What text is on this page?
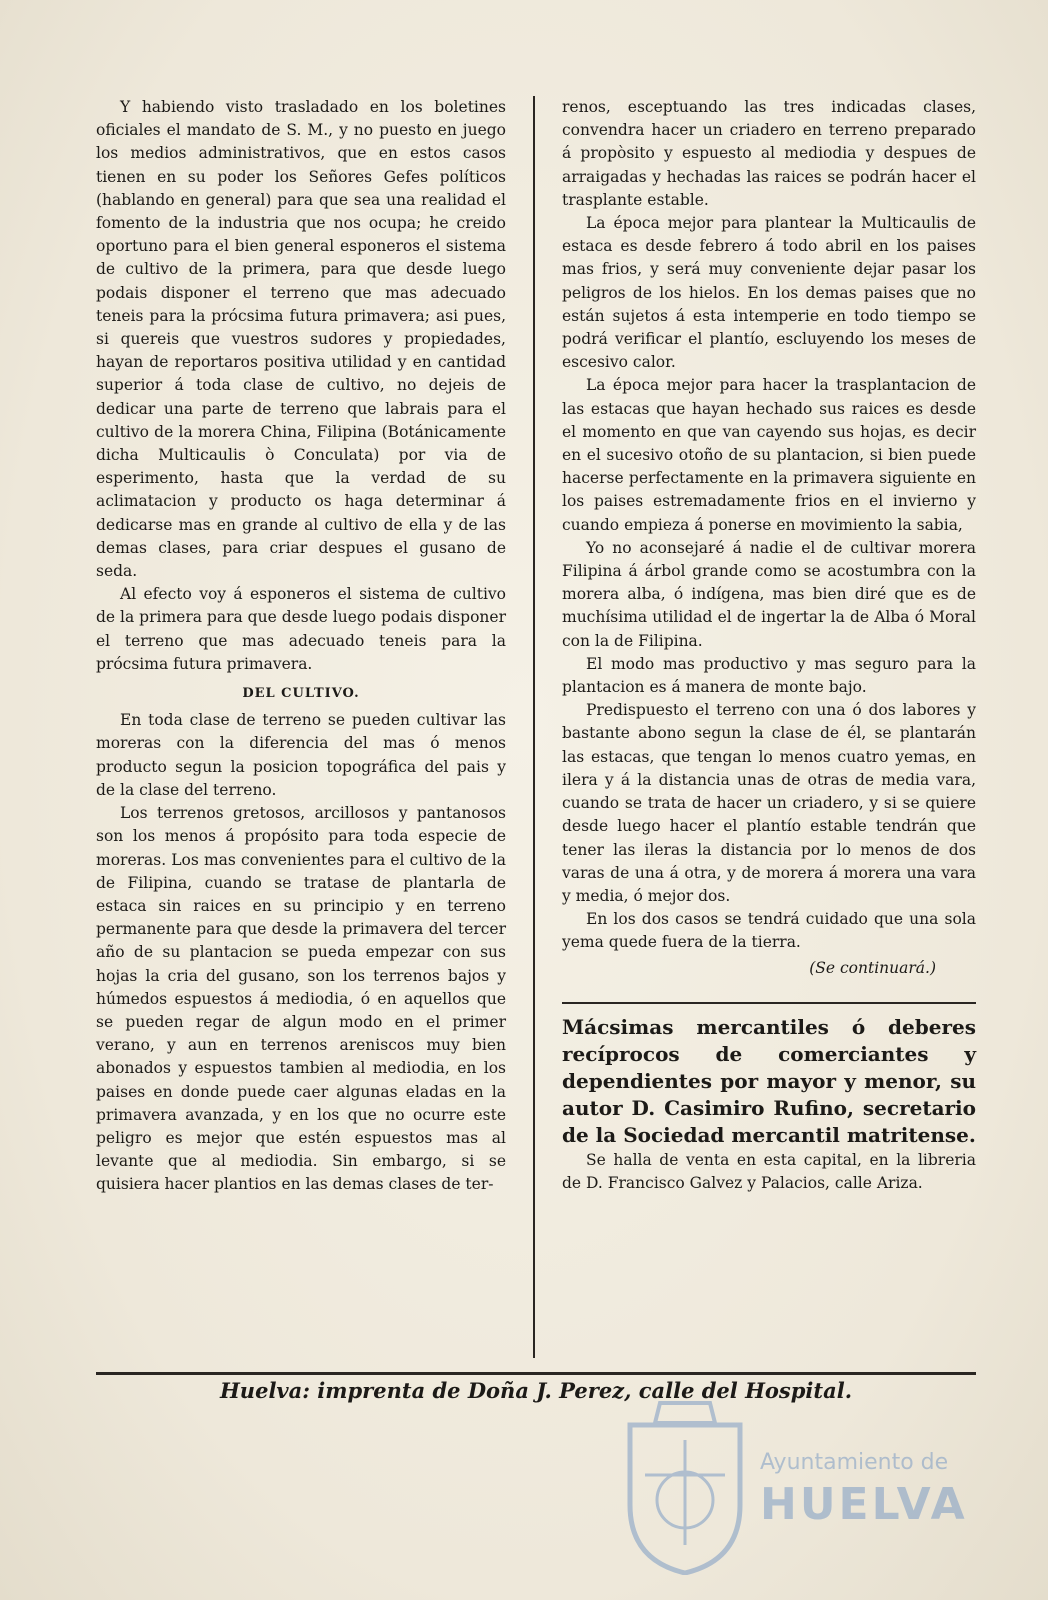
Y habiendo visto trasladado en los boletines oficiales el mandato de S. M., y no puesto en juego los medios administrativos, que en estos casos tienen en su poder los Señores Gefes políticos (hablando en general) para que sea una realidad el fomento de la industria que nos ocupa; he creido oportuno para el bien general esponeros el sistema de cultivo de la primera, para que desde luego podais disponer el terreno que mas adecuado teneis para la prócsima futura primavera; asi pues, si quereis que vuestros sudores y propiedades, hayan de reportaros positiva utilidad y en cantidad superior á toda clase de cultivo, no dejeis de dedicar una parte de terreno que labrais para el cultivo de la morera China, Filipina (Botánicamente dicha Multicaulis ò Conculata) por via de esperimento, hasta que la verdad de su aclimatacion y producto os haga determinar á dedicarse mas en grande al cultivo de ella y de las demas clases, para criar despues el gusano de seda.

Al efecto voy á esponeros el sistema de cultivo de la primera para que desde luego podais disponer el terreno que mas adecuado teneis para la prócsima futura primavera.

DEL CULTIVO.

En toda clase de terreno se pueden cultivar las moreras con la diferencia del mas ó menos producto segun la posicion topográfica del pais y de la clase del terreno.

Los terrenos gretosos, arcillosos y pantanosos son los menos á propósito para toda especie de moreras. Los mas convenientes para el cultivo de la de Filipina, cuando se tratase de plantarla de estaca sin raices en su principio y en terreno permanente para que desde la primavera del tercer año de su plantacion se pueda empezar con sus hojas la cria del gusano, son los terrenos bajos y húmedos espuestos á mediodia, ó en aquellos que se pueden regar de algun modo en el primer verano, y aun en terrenos areniscos muy bien abonados y espuestos tambien al mediodia, en los paises en donde puede caer algunas eladas en la primavera avanzada, y en los que no ocurre este peligro es mejor que estén espuestos mas al levante que al mediodia. Sin embargo, si se quisiera hacer plantios en las demas clases de ter-

renos, esceptuando las tres indicadas clases, convendra hacer un criadero en terreno preparado á propòsito y espuesto al mediodia y despues de arraigadas y hechadas las raices se podrán hacer el trasplante estable.

La época mejor para plantear la Multicaulis de estaca es desde febrero á todo abril en los paises mas frios, y será muy conveniente dejar pasar los peligros de los hielos. En los demas paises que no están sujetos á esta intemperie en todo tiempo se podrá verificar el plantío, escluyendo los meses de escesivo calor.

La época mejor para hacer la trasplantacion de las estacas que hayan hechado sus raices es desde el momento en que van cayendo sus hojas, es decir en el sucesivo otoño de su plantacion, si bien puede hacerse perfectamente en la primavera siguiente en los paises estremadamente frios en el invierno y cuando empieza á ponerse en movimiento la sabia,

Yo no aconsejaré á nadie el de cultivar morera Filipina á árbol grande como se acostumbra con la morera alba, ó indígena, mas bien diré que es de muchísima utilidad el de ingertar la de Alba ó Moral con la de Filipina.

El modo mas productivo y mas seguro para la plantacion es á manera de monte bajo.

Predispuesto el terreno con una ó dos labores y bastante abono segun la clase de él, se plantarán las estacas, que tengan lo menos cuatro yemas, en ilera y á la distancia unas de otras de media vara, cuando se trata de hacer un criadero, y si se quiere desde luego hacer el plantío estable tendrán que tener las ileras la distancia por lo menos de dos varas de una á otra, y de morera á morera una vara y media, ó mejor dos.

En los dos casos se tendrá cuidado que una sola yema quede fuera de la tierra.

(Se continuará.)

Mácsimas mercantiles ó deberes recíprocos de comerciantes y dependientes por mayor y menor, su autor D. Casimiro Rufino, secretario de la Sociedad mercantil matritense.

Se halla de venta en esta capital, en la libreria de D. Francisco Galvez y Palacios, calle Ariza.

Huelva: imprenta de Doña J. Perez, calle del Hospital.
Ayuntamiento de
HUELVA
